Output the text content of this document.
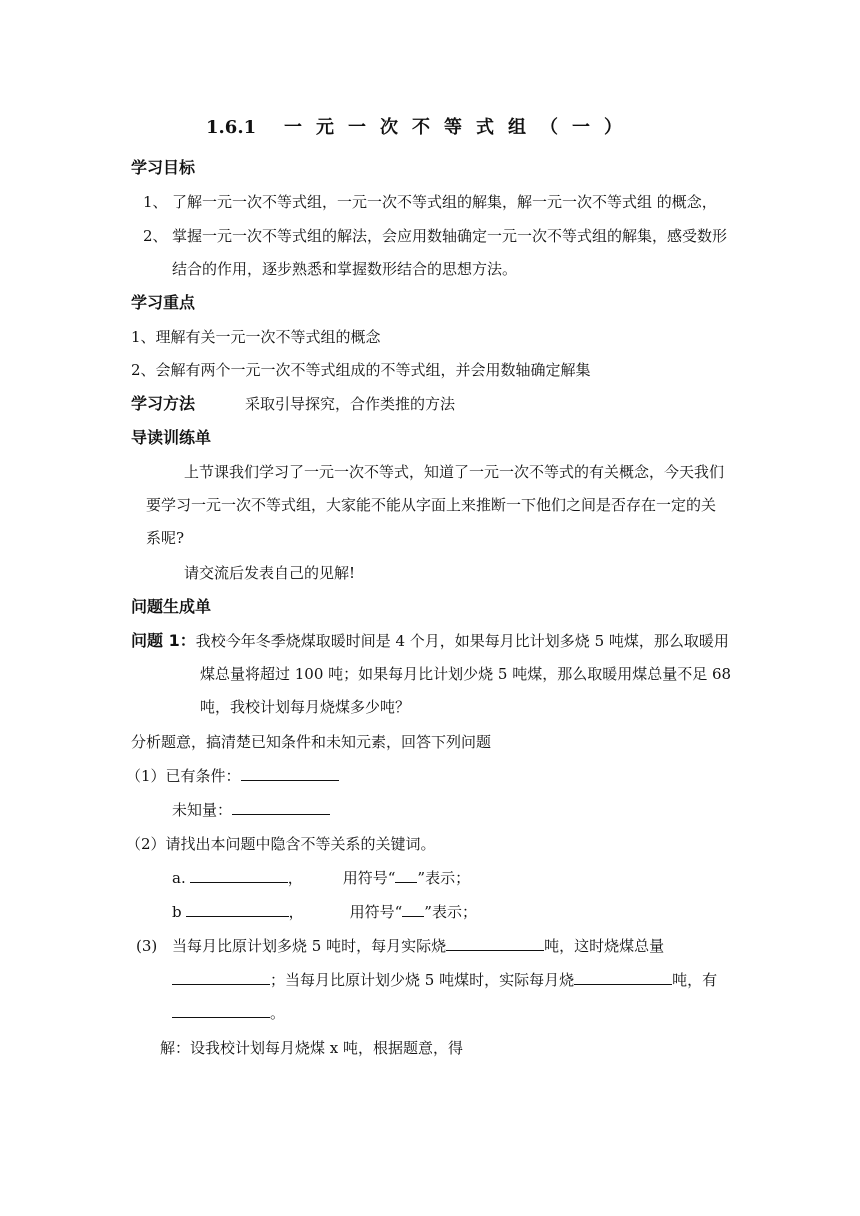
1.6.1 一元一次不等式组（一）
学习目标
1、 了解一元一次不等式组，一元一次不等式组的解集，解一元一次不等式组 的概念，
2、 掌握一元一次不等式组的解法，会应用数轴确定一元一次不等式组的解集，感受数形
结合的作用，逐步熟悉和掌握数形结合的思想方法。
学习重点
1、理解有关一元一次不等式组的概念
2、会解有两个一元一次不等式组成的不等式组，并会用数轴确定解集
学习方法	采取引导探究，合作类推的方法
导读训练单
上节课我们学习了一元一次不等式，知道了一元一次不等式的有关概念，今天我们
要学习一元一次不等式组，大家能不能从字面上来推断一下他们之间是否存在一定的关
系呢?
请交流后发表自己的见解!
问题生成单
问题 1：我校今年冬季烧煤取暖时间是 4 个月，如果每月比计划多烧 5 吨煤，那么取暖用
煤总量将超过 100 吨；如果每月比计划少烧 5 吨煤，那么取暖用煤总量不足 68
吨，我校计划每月烧煤多少吨？
分析题意，搞清楚已知条件和未知元素，回答下列问题
（1）已有条件：
未知量：
（2）请找出本问题中隐含不等关系的关键词。
a.	，	用符号“ ”表示；
b	，	用符号“ ”表示；
(3) 当每月比原计划多烧 5 吨时，每月实际烧	吨，这时烧煤总量
；当每月比原计划少烧 5 吨煤时，实际每月烧	吨，有
。
解：设我校计划每月烧煤 x 吨，根据题意，得
